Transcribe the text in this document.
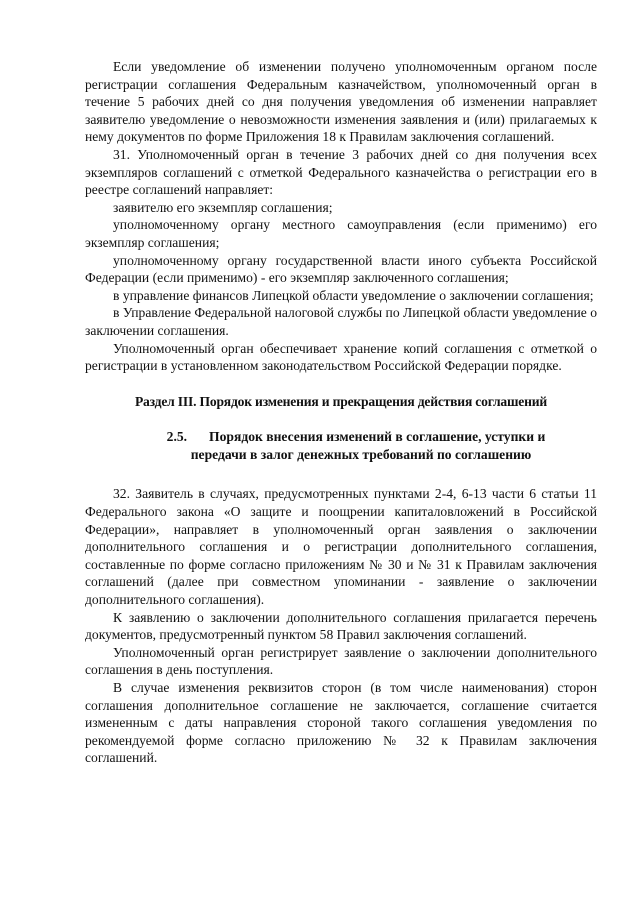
Если уведомление об изменении получено уполномоченным органом после регистрации соглашения Федеральным казначейством, уполномоченный орган в течение 5 рабочих дней со дня получения уведомления об изменении направляет заявителю уведомление о невозможности изменения заявления и (или) прилагаемых к нему документов по форме Приложения 18 к Правилам заключения соглашений.

31. Уполномоченный орган в течение 3 рабочих дней со дня получения всех экземпляров соглашений с отметкой Федерального казначейства о регистрации его в реестре соглашений направляет:

заявителю его экземпляр соглашения;

уполномоченному органу местного самоуправления (если применимо) его экземпляр соглашения;

уполномоченному органу государственной власти иного субъекта Российской Федерации (если применимо) - его экземпляр заключенного соглашения;

в управление финансов Липецкой области уведомление о заключении соглашения;

в Управление Федеральной налоговой службы по Липецкой области уведомление о заключении соглашения.

Уполномоченный орган обеспечивает хранение копий соглашения с отметкой о регистрации в установленном законодательством Российской Федерации порядке.

Раздел III. Порядок изменения и прекращения действия соглашений
2.5. Порядок внесения изменений в соглашение, уступки и
передачи в залог денежных требований по соглашению

32. Заявитель в случаях, предусмотренных пунктами 2-4, 6-13 части 6 статьи 11 Федерального закона «О защите и поощрении капиталовложений в Российской Федерации», направляет в уполномоченный орган заявления о заключении дополнительного соглашения и о регистрации дополнительного соглашения, составленные по форме согласно приложениям № 30 и № 31 к Правилам заключения соглашений (далее при совместном упоминании - заявление о заключении дополнительного соглашения).

К заявлению о заключении дополнительного соглашения прилагается перечень документов, предусмотренный пунктом 58 Правил заключения соглашений.

Уполномоченный орган регистрирует заявление о заключении дополнительного соглашения в день поступления.

В случае изменения реквизитов сторон (в том числе наименования) сторон соглашения дополнительное соглашение не заключается, соглашение считается измененным с даты направления стороной такого соглашения уведомления по рекомендуемой форме согласно приложению № 32 к Правилам заключения соглашений.
